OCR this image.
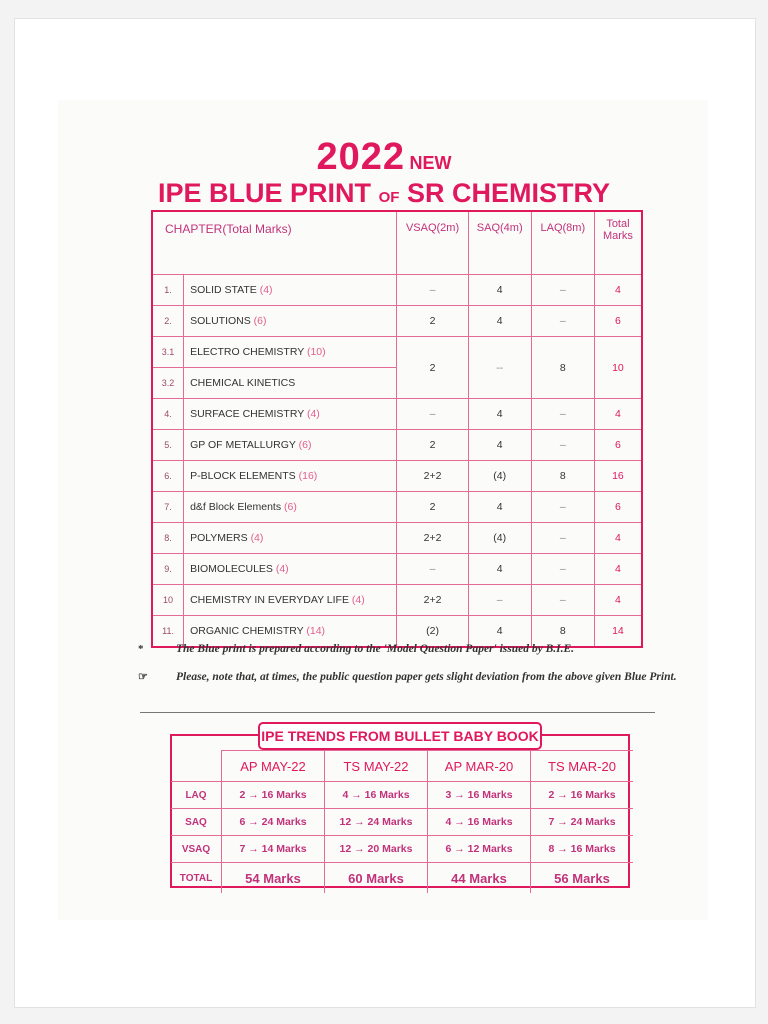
2022 NEW
IPE BLUE PRINT OF SR CHEMISTRY
CHAPTER(Total Marks)		VSAQ(2m)	SAQ(4m)	LAQ(8m)	Total
Marks
1.	SOLID STATE (4)	–	4	–	4
2.	SOLUTIONS (6)	2	4	–	6
3.1	ELECTRO CHEMISTRY (10)	2	--	8	10
3.2	CHEMICAL KINETICS				
4.	SURFACE CHEMISTRY (4)	–	4	–	4
5.	GP OF METALLURGY (6)	2	4	–	6
6.	P-BLOCK ELEMENTS (16)	2+2	(4)	8	16
7.	d&f Block Elements (6)	2	4	–	6
8.	POLYMERS (4)	2+2	(4)	–	4
9.	BIOMOLECULES (4)	–	4	–	4
10	CHEMISTRY IN EVERYDAY LIFE (4)	2+2	–	–	4
11.	ORGANIC CHEMISTRY (14)	(2)	4	8	14
*	The Blue print is prepared according to the 'Model Question Paper' issued by B.I.E.
☞ Please, note that, at times, the public question paper gets slight deviation from the above given Blue Print.
IPE TRENDS FROM BULLET BABY BOOK
	AP MAY-22	TS MAY-22	AP MAR-20	TS MAR-20
LAQ	2 → 16 Marks	4 → 16 Marks	3 → 16 Marks	2 → 16 Marks
SAQ	6 → 24 Marks	12 → 24 Marks	4 → 16 Marks	7 → 24 Marks
VSAQ	7 → 14 Marks	12 → 20 Marks	6 → 12 Marks	8 → 16 Marks
TOTAL	54 Marks	60 Marks	44 Marks	56 Marks
